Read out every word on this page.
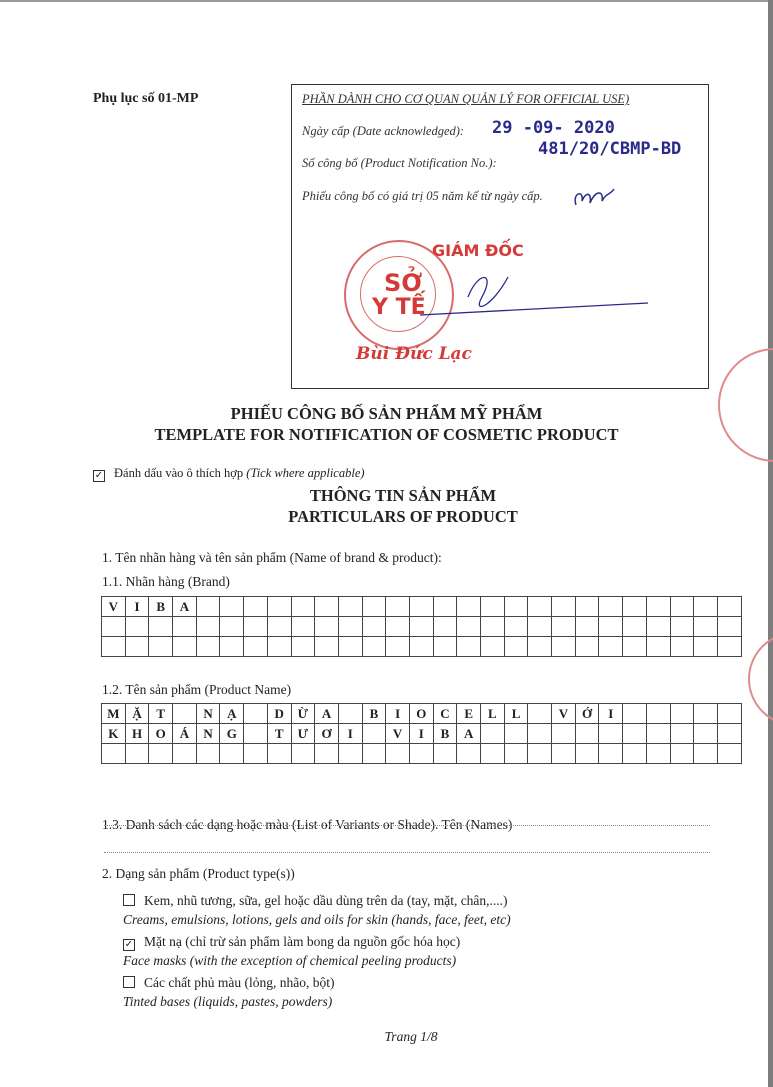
Phụ lục số 01-MP	PHẦN DÀNH CHO CƠ QUAN QUẢN LÝ FOR OFFICIAL USE)
Ngày cấp (Date acknowledged): 29 -09- 2020
Số công bố (Product Notification No.):
481/20/CBMP-BD
Phiếu công bố có giá trị 05 năm kể từ ngày cấp.
SỞ
Y TẾ
GIÁM ĐỐC
Bùi Đức Lạc
PHIẾU CÔNG BỐ SẢN PHẨM MỸ PHẨM
TEMPLATE FOR NOTIFICATION OF COSMETIC PRODUCT
✓ Đánh dấu vào ô thích hợp (Tick where applicable)
THÔNG TIN SẢN PHẨM
PARTICULARS OF PRODUCT
1. Tên nhãn hàng và tên sản phẩm (Name of brand & product):
1.1. Nhãn hàng (Brand)
V	I	B	A																							

1.2. Tên sản phẩm (Product Name)
M	Ặ	T		N	Ạ		D	Ừ	A		B	I	O	C	E	L	L		V	Ớ	I					
K	H	O	Á	N	G		T	Ư	Ơ	I		V	I	B	A											

1.3. Danh sách các dạng hoặc màu (List of Variants or Shade). Tên (Names)
2. Dạng sản phẩm (Product type(s))
Kem, nhũ tương, sữa, gel hoặc dầu dùng trên da (tay, mặt, chân,....)
Creams, emulsions, lotions, gels and oils for skin (hands, face, feet, etc)
✓ Mặt nạ (chỉ trừ sản phẩm làm bong da nguồn gốc hóa học)
Face masks (with the exception of chemical peeling products)
Các chất phủ màu (lỏng, nhão, bột)
Tinted bases (liquids, pastes, powders)
Trang 1/8
